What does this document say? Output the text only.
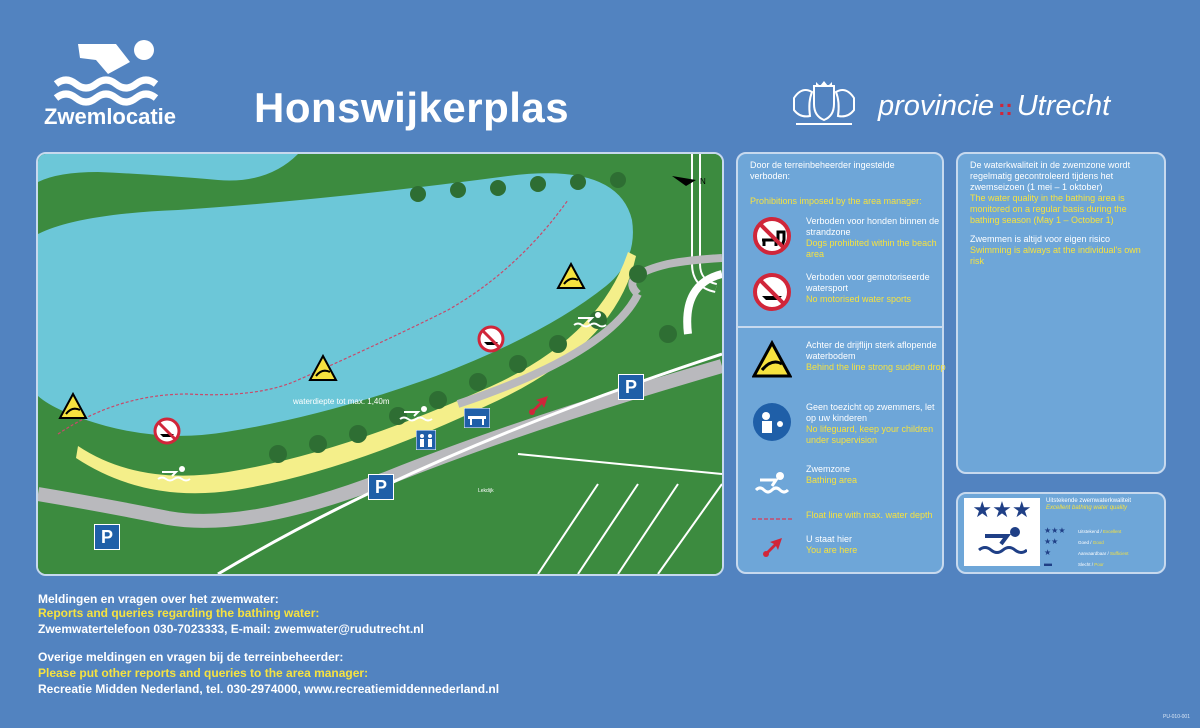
Zwemlocatie	Honswijkerplas	provincie :: Utrecht
waterdiepte tot max. 1,40m
Lekdijk
N
P
P
P
Door de terreinbeheerder ingestelde verboden:
Prohibitions imposed by the area manager:
Verboden voor honden binnen de strandzone
Dogs prohibited within the beach area
Verboden voor gemotoriseerde watersport
No motorised water sports
Achter de drijflijn sterk aflopende waterbodem
Behind the line strong sudden drop
Geen toezicht op zwemmers, let op uw kinderen
No lifeguard, keep your children under supervision
Zwemzone
Bathing area
Float line with max. water depth
U staat hier
You are here
De waterkwaliteit in de zwemzone wordt regelmatig gecontroleerd tijdens het zwemseizoen (1 mei – 1 oktober)
The water quality in the bathing area is monitored on a regular basis during the bathing season (May 1 – October 1)
Zwemmen is altijd voor eigen risico
Swimming is always at the individual's own risk
★★★	Uitstekende zwemwaterkwaliteit
Excellent bathing water quality
★★★	Uitstekend / Excellent
★★	Goed / Good
★	Aanvaardbaar / Sufficient
▬	Slecht / Poor
Meldingen en vragen over het zwemwater:
Reports and queries regarding the bathing water:
Zwemwatertelefoon 030-7023333, E-mail: zwemwater@rudutrecht.nl
Overige meldingen en vragen bij de terreinbeheerder:
Please put other reports and queries to the area manager:
Recreatie Midden Nederland, tel. 030-2974000, www.recreatiemiddennederland.nl
PU-010-001
